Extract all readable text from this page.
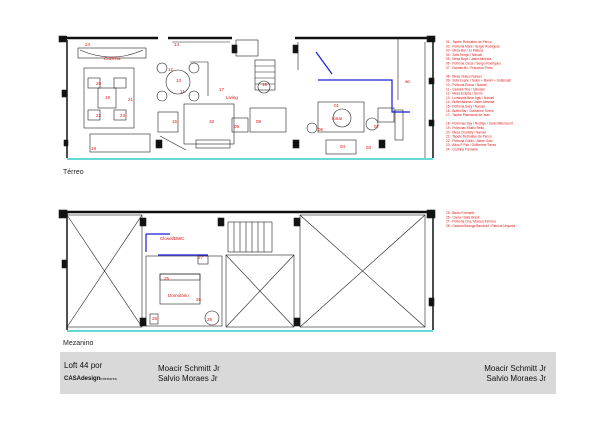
24	14
13
12
11
20
19	21
22	23
17
16
15	10
09
08
07
01
06
04	03
18
wc
27
25
26
28	29
Cozinha
Living
Estar
Closet/BWC
Dormitório
Térreo
Mezanino
01 - Tapete Retroativo de Penco
02 - Poltrona Mara / Sergio Rodrigues
03 - Mesa Bar / Jo Mateus
04 - Sofá Tempo / Nanuel
05 - Mesa Boyd / Jader Almeida
06 - Poltrona Oscar / Sergio Rodrigues
07 - Estante Bv / Francisco Preto
08 - Mesa Veiaco Nanuel
09 - Sofá Cuanu / Solon + Maxim + Sofabrasil
10 - Poltrona Enzon / Nanuel
11 - Cadeira Tiny / Schuster
12 - Mesa Eclipse / Sturm
13 - Luminária Bear Agtu / Nanuel
14 - Buffet Adama / Jader Almeida
15 - Poltrona Sacy / Nanuel
16 - Buffet Bar / Guilherme Torres
17 - Tapete Patchwork de Jean
18 - Poltronas Spy / Rodrigo / Sonic Bittencourt
19 - Poltronas Studio Reku
20 - Mesa Chantilly / Nanuel
21 - Tapete Retroativo de Penco
22 - Poltrona Goller / Jaime Gold
23 - Aduo P Pax / Guilherme Torres
24 - Cozinha Formarte
25 - Baldo Formarte
26 - Cama / Sails Brasil
27 - Poltrona Cliq / Marcus Ferreira
28 - Cadeira Beanga Bambold / Patrícia Urquiola
Loft 44 por
CASAdesigninteriores
Moacir Schmitt Jr
Salvio Moraes Jr
Moacir Schmitt Jr
Salvio Moraes Jr
